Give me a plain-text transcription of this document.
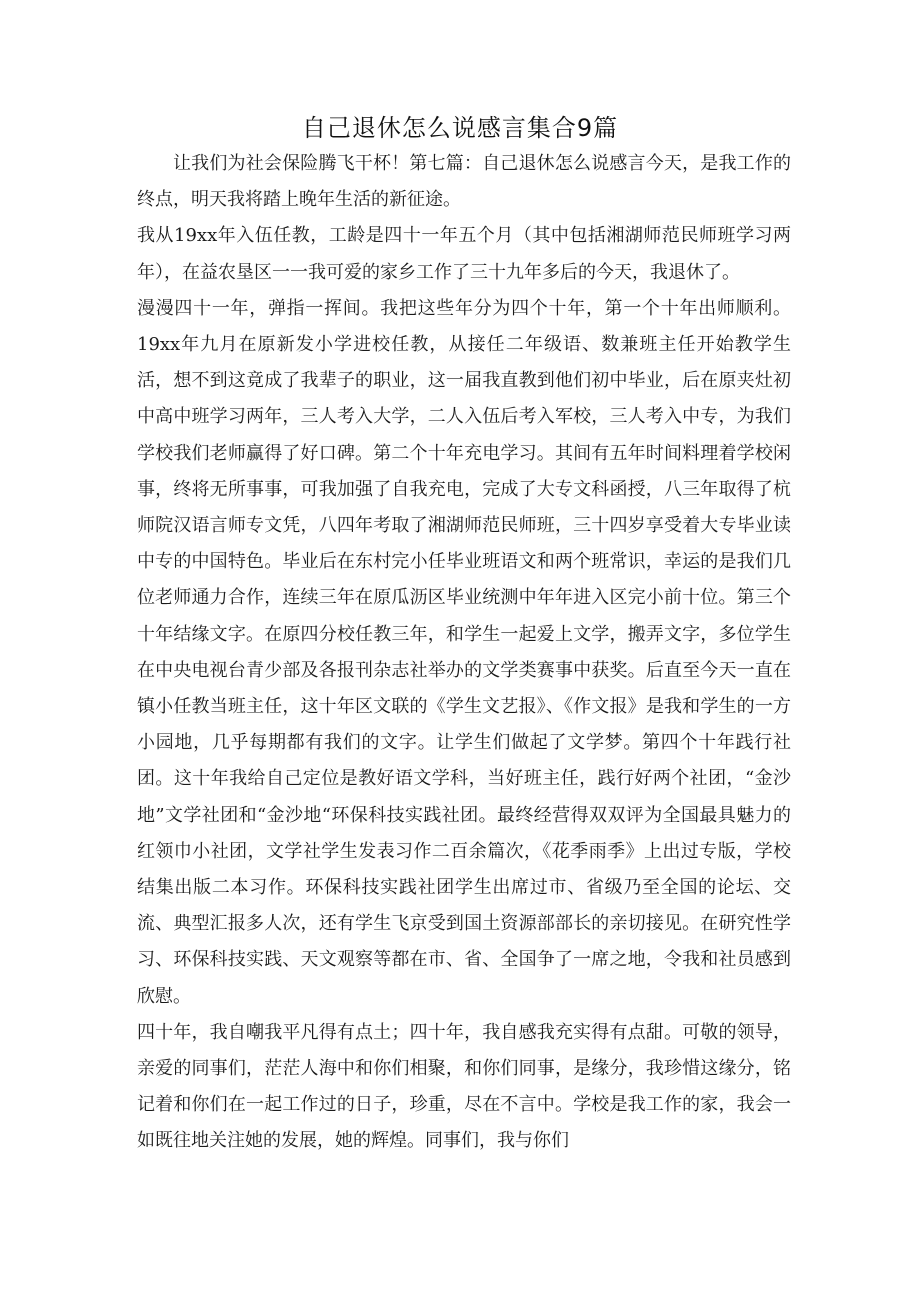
自己退休怎么说感言集合9篇

让我们为社会保险腾飞干杯！第七篇：自己退休怎么说感言今天，是我工作的终点，明天我将踏上晚年生活的新征途。

我从19xx年入伍任教，工龄是四十一年五个月（其中包括湘湖师范民师班学习两年），在益农垦区一一我可爱的家乡工作了三十九年多后的今天，我退休了。

漫漫四十一年，弹指一挥间。我把这些年分为四个十年，第一个十年出师顺利。19xx年九月在原新发小学进校任教，从接任二年级语、数兼班主任开始教学生活，想不到这竟成了我辈子的职业，这一届我直教到他们初中毕业，后在原夹灶初中高中班学习两年，三人考入大学，二人入伍后考入军校，三人考入中专，为我们学校我们老师赢得了好口碑。第二个十年充电学习。其间有五年时间料理着学校闲事，终将无所事事，可我加强了自我充电，完成了大专文科函授，八三年取得了杭师院汉语言师专文凭，八四年考取了湘湖师范民师班，三十四岁享受着大专毕业读中专的中国特色。毕业后在东村完小任毕业班语文和两个班常识，幸运的是我们几位老师通力合作，连续三年在原瓜沥区毕业统测中年年进入区完小前十位。第三个十年结缘文字。在原四分校任教三年，和学生一起爱上文学，搬弄文字，多位学生在中央电视台青少部及各报刊杂志社举办的文学类赛事中获奖。后直至今天一直在镇小任教当班主任，这十年区文联的《学生文艺报》、《作文报》是我和学生的一方小园地，几乎每期都有我们的文字。让学生们做起了文学梦。第四个十年践行社团。这十年我给自己定位是教好语文学科，当好班主任，践行好两个社团，“金沙地”文学社团和“金沙地“环保科技实践社团。最终经营得双双评为全国最具魅力的红领巾小社团，文学社学生发表习作二百余篇次，《花季雨季》上出过专版，学校结集出版二本习作。环保科技实践社团学生出席过市、省级乃至全国的论坛、交流、典型汇报多人次，还有学生飞京受到国土资源部部长的亲切接见。在研究性学习、环保科技实践、天文观察等都在市、省、全国争了一席之地，令我和社员感到欣慰。

四十年，我自嘲我平凡得有点土；四十年，我自感我充实得有点甜。可敬的领导，亲爱的同事们，茫茫人海中和你们相聚，和你们同事，是缘分，我珍惜这缘分，铭记着和你们在一起工作过的日子，珍重，尽在不言中。学校是我工作的家，我会一如既往地关注她的发展，她的辉煌。同事们，我与你们
